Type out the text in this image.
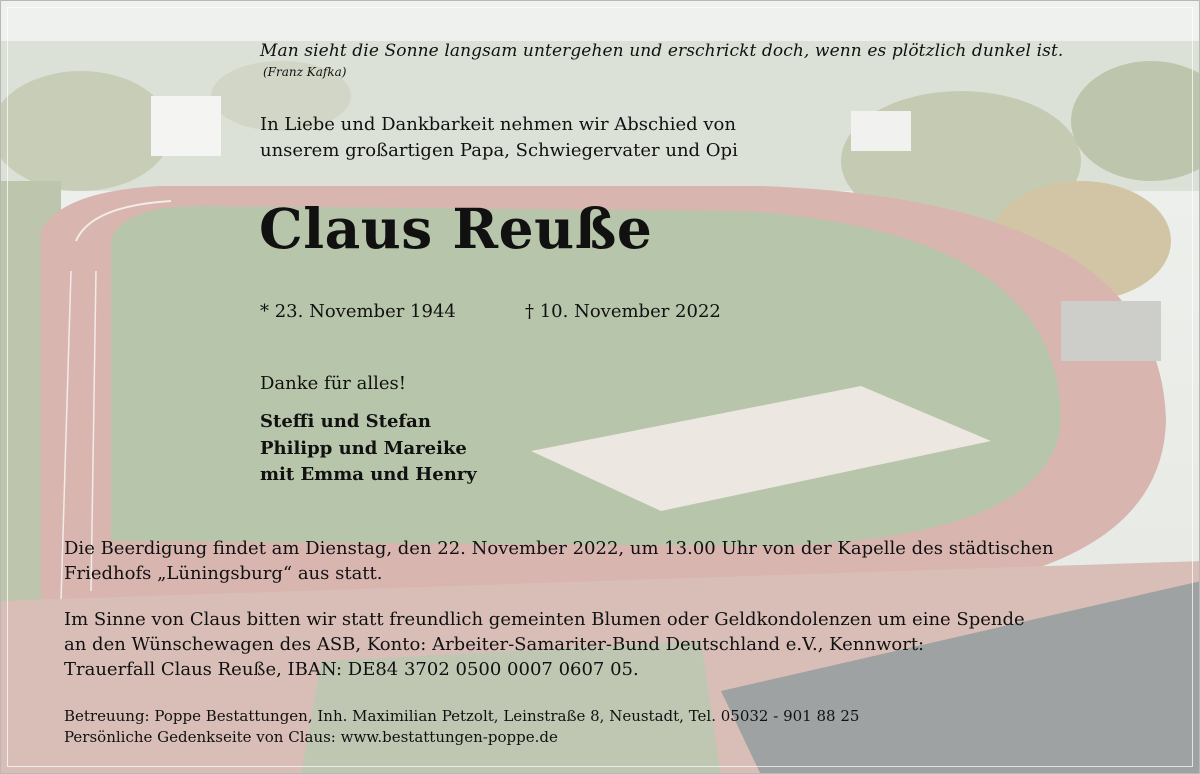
Man sieht die Sonne langsam untergehen und erschrickt doch, wenn es plötzlich dunkel ist.

(Franz Kafka)

In Liebe und Dankbarkeit nehmen wir Abschied von
unserem großartigen Papa, Schwiegervater und Opi

Claus Reuße
* 23. November 1944	† 10. November 2022

Danke für alles!

Steffi und Stefan
Philipp und Mareike
mit Emma und Henry

Die Beerdigung findet am Dienstag, den 22. November 2022, um 13.00 Uhr von der Kapelle des städtischen
Friedhofs „Lüningsburg“ aus statt.

Im Sinne von Claus bitten wir statt freundlich gemeinten Blumen oder Geldkondolenzen um eine Spende
an den Wünschewagen des ASB, Konto: Arbeiter-Samariter-Bund Deutschland e.V., Kennwort:
Trauerfall Claus Reuße, IBAN: DE84 3702 0500 0007 0607 05.

Betreuung: Poppe Bestattungen, Inh. Maximilian Petzolt, Leinstraße 8, Neustadt, Tel. 05032 - 901 88 25
Persönliche Gedenkseite von Claus: www.bestattungen-poppe.de
